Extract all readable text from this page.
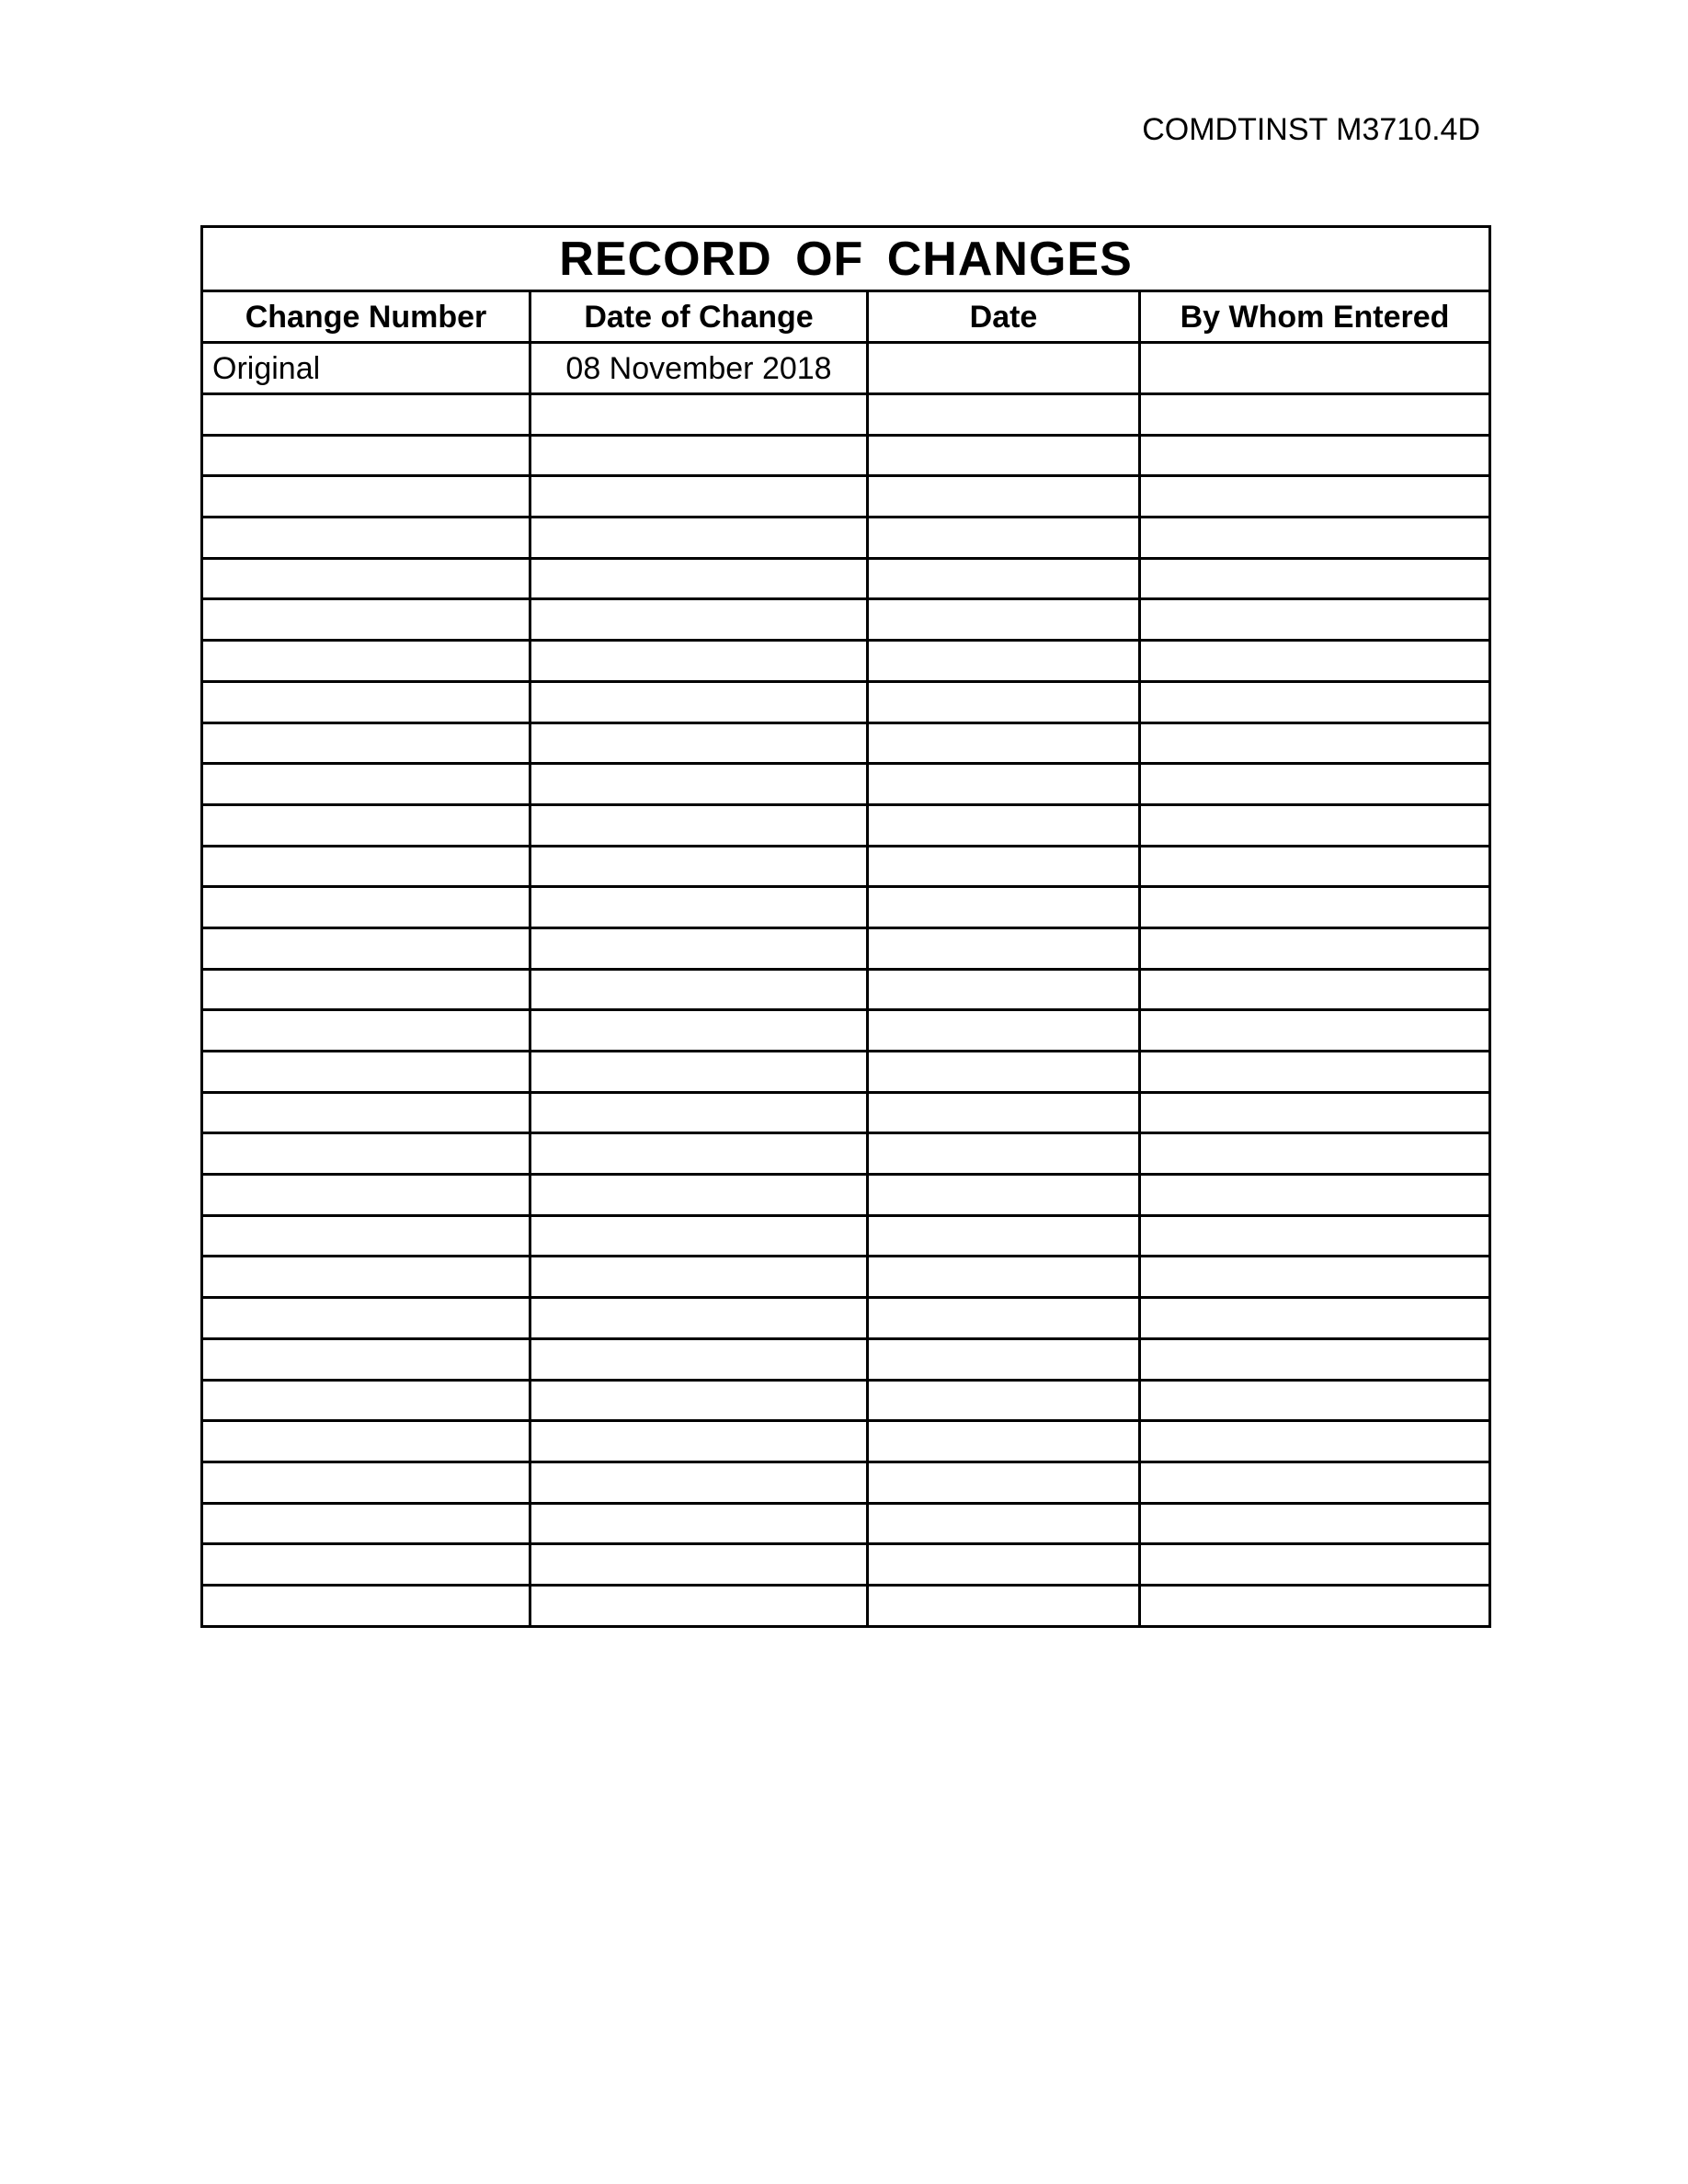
COMDTINST M3710.4D
RECORD OF CHANGES			
Change Number	Date of Change	Date	By Whom Entered
Original	08 November 2018		
